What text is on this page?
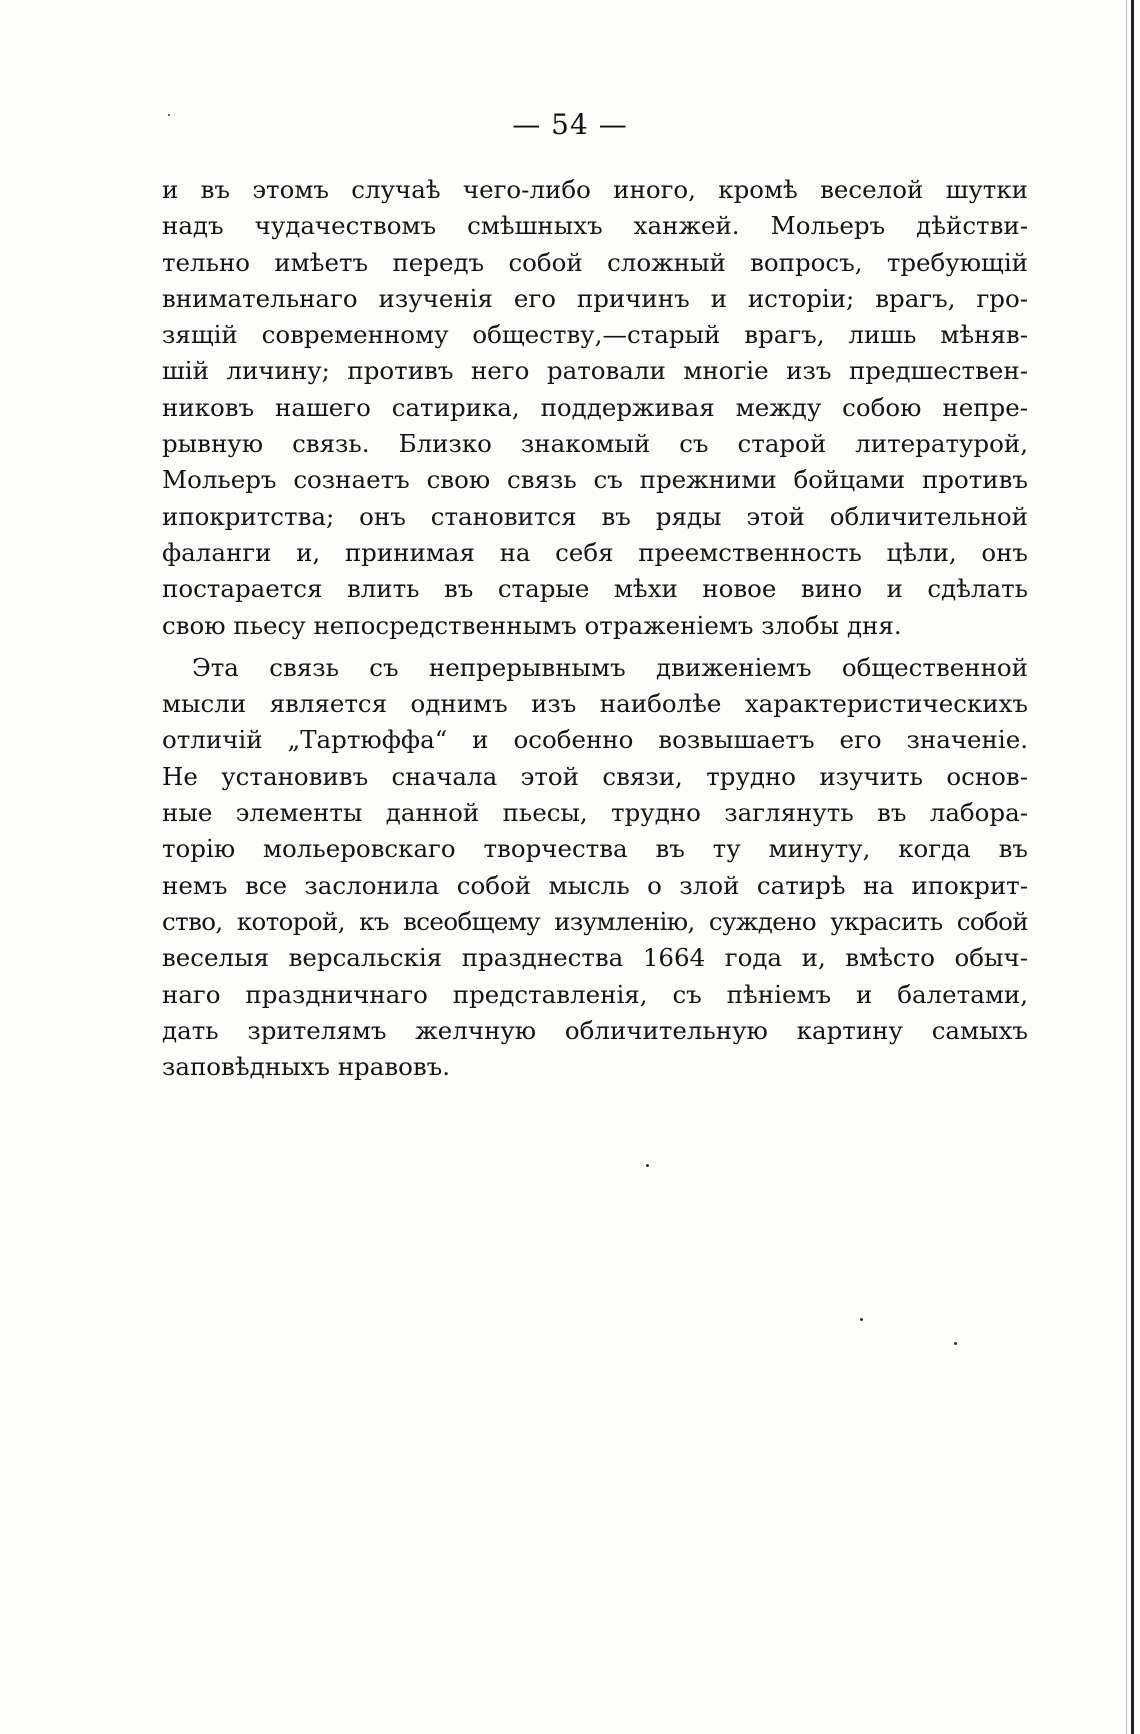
— 54 —
и въ этомъ случаѣ чего-либо иного, кромѣ веселой шутки
надъ чудачествомъ смѣшныхъ ханжей. Мольеръ дѣйстви-
тельно имѣетъ передъ собой сложный вопросъ, требующій
внимательнаго изученія его причинъ и исторіи; врагъ, гро-
зящій современному обществу,—старый врагъ, лишь мѣняв-
шій личину; противъ него ратовали многіе изъ предшествен-
никовъ нашего сатирика, поддерживая между собою непре-
рывную связь. Близко знакомый съ старой литературой,
Мольеръ сознаетъ свою связь съ прежними бойцами противъ
ипокритства; онъ становится въ ряды этой обличительной
фаланги и, принимая на себя преемственность цѣли, онъ
постарается влить въ старые мѣхи новое вино и сдѣлать
свою пьесу непосредственнымъ отраженіемъ злобы дня.
Эта связь съ непрерывнымъ движеніемъ общественной
мысли является однимъ изъ наиболѣе характеристическихъ
отличій „Тартюффа“ и особенно возвышаетъ его значеніе.
Не установивъ сначала этой связи, трудно изучить основ-
ные элементы данной пьесы, трудно заглянуть въ лабора-
торію мольеровскаго творчества въ ту минуту, когда въ
немъ все заслонила собой мысль о злой сатирѣ на ипокрит-
ство, которой, къ всеобщему изумленію, суждено украсить собой
веселыя версальскія празднества 1664 года и, вмѣсто обыч-
наго праздничнаго представленія, съ пѣніемъ и балетами,
дать зрителямъ желчную обличительную картину самыхъ
заповѣдныхъ нравовъ.
